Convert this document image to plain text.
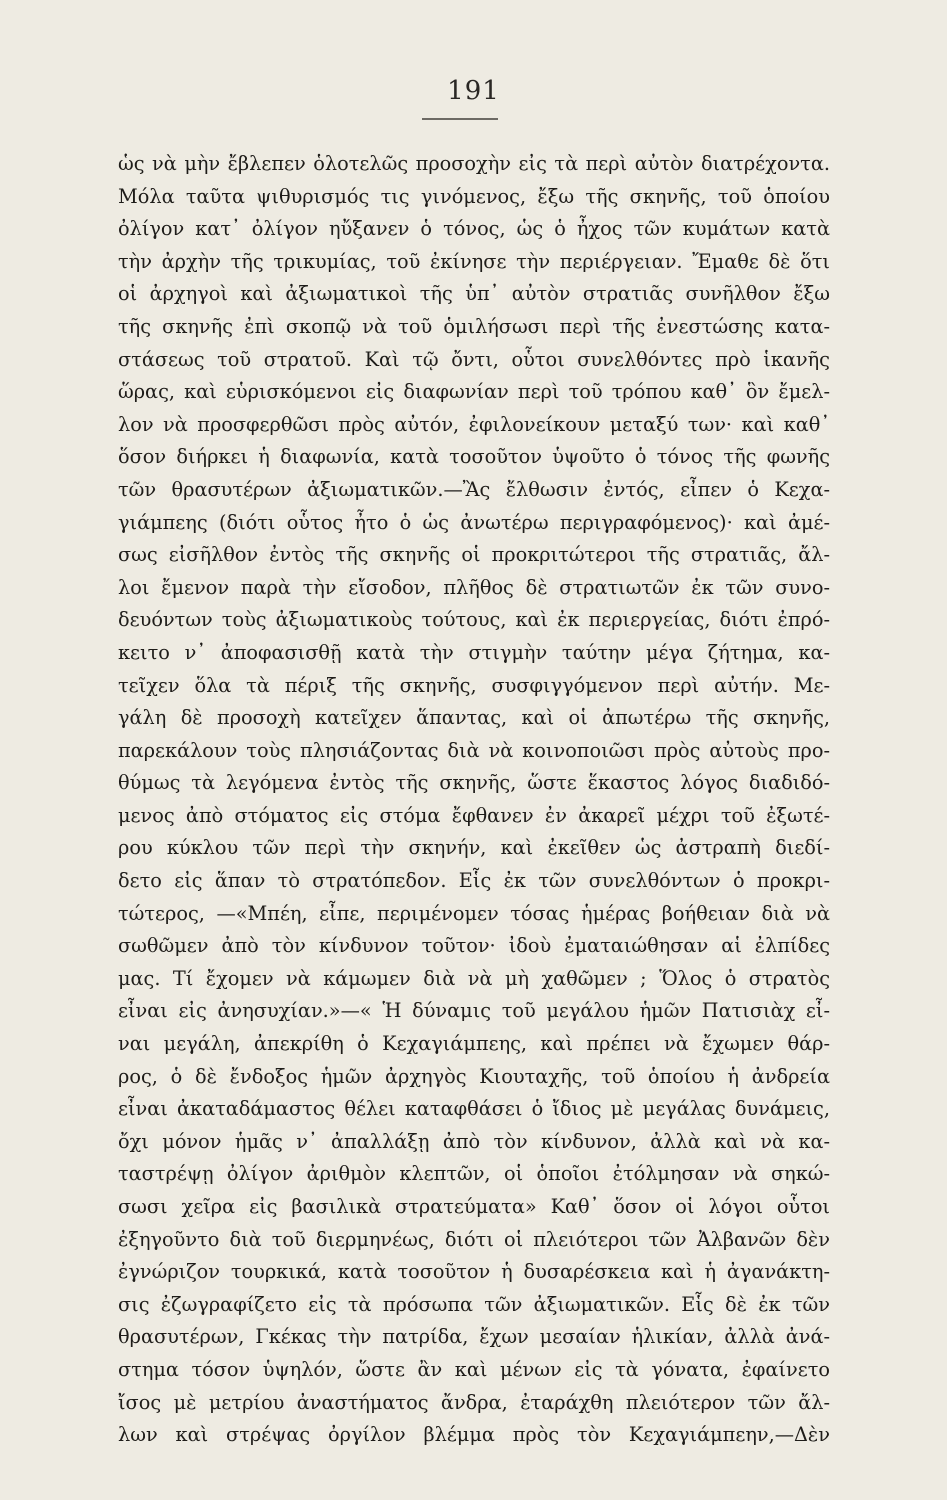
191
ὡς νὰ μὴν ἔβλεπεν ὁλοτελῶς προσοχὴν εἰς τὰ περὶ αὐτὸν διατρέχοντα.
Μόλα ταῦτα ψιθυρισμός τις γινόμενος, ἔξω τῆς σκηνῆς, τοῦ ὁποίου
ὀλίγον κατ᾽ ὀλίγον ηὔξανεν ὁ τόνος, ὡς ὁ ἦχος τῶν κυμάτων κατὰ
τὴν ἀρχὴν τῆς τρικυμίας, τοῦ ἐκίνησε τὴν περιέργειαν. Ἔμαθε δὲ ὅτι
οἱ ἀρχηγοὶ καὶ ἀξιωματικοὶ τῆς ὑπ᾽ αὐτὸν στρατιᾶς συνῆλθον ἔξω
τῆς σκηνῆς ἐπὶ σκοπῷ νὰ τοῦ ὁμιλήσωσι περὶ τῆς ἐνεστώσης κατα-
στάσεως τοῦ στρατοῦ. Καὶ τῷ ὄντι, οὗτοι συνελθόντες πρὸ ἱκανῆς
ὥρας, καὶ εὑρισκόμενοι εἰς διαφωνίαν περὶ τοῦ τρόπου καθ᾽ ὃν ἔμελ-
λον νὰ προσφερθῶσι πρὸς αὐτόν, ἐφιλονείκουν μεταξύ των· καὶ καθ᾽
ὅσον διήρκει ἡ διαφωνία, κατὰ τοσοῦτον ὑψοῦτο ὁ τόνος τῆς φωνῆς
τῶν θρασυτέρων ἀξιωματικῶν.—Ἂς ἔλθωσιν ἐντός, εἶπεν ὁ Κεχα-
γιάμπεης (διότι οὗτος ἦτο ὁ ὡς ἀνωτέρω περιγραφόμενος)· καὶ ἀμέ-
σως εἰσῆλθον ἐντὸς τῆς σκηνῆς οἱ προκριτώτεροι τῆς στρατιᾶς, ἄλ-
λοι ἔμενον παρὰ τὴν εἴσοδον, πλῆθος δὲ στρατιωτῶν ἐκ τῶν συνο-
δευόντων τοὺς ἀξιωματικοὺς τούτους, καὶ ἐκ περιεργείας, διότι ἐπρό-
κειτο ν᾽ ἀποφασισθῇ κατὰ τὴν στιγμὴν ταύτην μέγα ζήτημα, κα-
τεῖχεν ὅλα τὰ πέριξ τῆς σκηνῆς, συσφιγγόμενον περὶ αὐτήν. Με-
γάλη δὲ προσοχὴ κατεῖχεν ἅπαντας, καὶ οἱ ἀπωτέρω τῆς σκηνῆς,
παρεκάλουν τοὺς πλησιάζοντας διὰ νὰ κοινοποιῶσι πρὸς αὐτοὺς προ-
θύμως τὰ λεγόμενα ἐντὸς τῆς σκηνῆς, ὥστε ἕκαστος λόγος διαδιδό-
μενος ἀπὸ στόματος εἰς στόμα ἔφθανεν ἐν ἀκαρεῖ μέχρι τοῦ ἐξωτέ-
ρου κύκλου τῶν περὶ τὴν σκηνήν, καὶ ἐκεῖθεν ὡς ἀστραπὴ διεδί-
δετο εἰς ἅπαν τὸ στρατόπεδον. Εἷς ἐκ τῶν συνελθόντων ὁ προκρι-
τώτερος, —«Μπέη, εἶπε, περιμένομεν τόσας ἡμέρας βοήθειαν διὰ νὰ
σωθῶμεν ἀπὸ τὸν κίνδυνον τοῦτον· ἰδοὺ ἐματαιώθησαν αἱ ἐλπίδες
μας. Τί ἔχομεν νὰ κάμωμεν διὰ νὰ μὴ χαθῶμεν ; Ὅλος ὁ στρατὸς
εἶναι εἰς ἀνησυχίαν.»—« Ἡ δύναμις τοῦ μεγάλου ἡμῶν Πατισιὰχ εἶ-
ναι μεγάλη, ἀπεκρίθη ὁ Κεχαγιάμπεης, καὶ πρέπει νὰ ἔχωμεν θάρ-
ρος, ὁ δὲ ἔνδοξος ἡμῶν ἀρχηγὸς Κιουταχῆς, τοῦ ὁποίου ἡ ἀνδρεία
εἶναι ἀκαταδάμαστος θέλει καταφθάσει ὁ ἴδιος μὲ μεγάλας δυνάμεις,
ὄχι μόνον ἡμᾶς ν᾽ ἀπαλλάξῃ ἀπὸ τὸν κίνδυνον, ἀλλὰ καὶ νὰ κα-
ταστρέψῃ ὀλίγον ἀριθμὸν κλεπτῶν, οἱ ὁποῖοι ἐτόλμησαν νὰ σηκώ-
σωσι χεῖρα εἰς βασιλικὰ στρατεύματα» Καθ᾽ ὅσον οἱ λόγοι οὗτοι
ἐξηγοῦντο διὰ τοῦ διερμηνέως, διότι οἱ πλειότεροι τῶν Ἀλβανῶν δὲν
ἐγνώριζον τουρκικά, κατὰ τοσοῦτον ἡ δυσαρέσκεια καὶ ἡ ἀγανάκτη-
σις ἐζωγραφίζετο εἰς τὰ πρόσωπα τῶν ἀξιωματικῶν. Εἷς δὲ ἐκ τῶν
θρασυτέρων, Γκέκας τὴν πατρίδα, ἔχων μεσαίαν ἡλικίαν, ἀλλὰ ἀνά-
στημα τόσον ὑψηλόν, ὥστε ἂν καὶ μένων εἰς τὰ γόνατα, ἐφαίνετο
ἴσος μὲ μετρίου ἀναστήματος ἄνδρα, ἐταράχθη πλειότερον τῶν ἄλ-
λων καὶ στρέψας ὀργίλον βλέμμα πρὸς τὸν Κεχαγιάμπεην,—Δὲν
